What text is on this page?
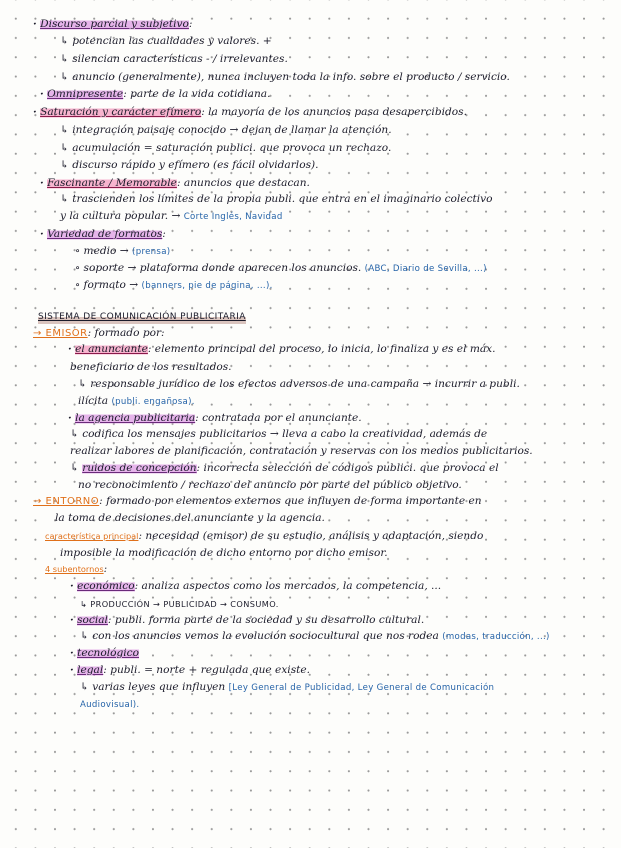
· Discurso parcial y subjetivo:
↳ potencian las cualidades y valores. +
↳ silencian características - / irrelevantes.
↳ anuncio (generalmente), nunca incluyen toda la info. sobre el producto / servicio.
· Omnipresente: parte de la vida cotidiana.
· Saturación y carácter efímero: la mayoría de los anuncios pasa desapercibidos.
↳ integración paisaje conocido → dejan de llamar la atención.
↳ acumulación = saturación publici. que provoca un rechazo.
↳ discurso rápido y efímero (es fácil olvidarlos).
· Fascinante / Memorable: anuncios que destacan.
↳ trascienden los límites de la propia publi. que entra en el imaginario colectivo
y la cultura popular. → Corte Inglés, Navidad
· Variedad de formatos:
∘ medio → (prensa)
∘ soporte → plataforma donde aparecen los anuncios. (ABC, Diario de Sevilla, ...)
∘ formato → (banners, pie de página, ...).
SISTEMA DE COMUNICACIÓN PUBLICITARIA
→ EMISOR: formado por:
· el anunciante: elemento principal del proceso, lo inicia, lo finaliza y es el máx.
beneficiario de los resultados.
↳ responsable jurídico de los efectos adversos de una campaña → incurrir a publi.
ilícita (publi. engañosa).
· la agencia publicitaria: contratada por el anunciante.
↳ codifica los mensajes publicitarios → lleva a cabo la creatividad, además de
realizar labores de planificación, contratación y reservas con los medios publicitarios.
↳ ruidos de concepción: incorrecta selección de códigos publici. que provoca el
no reconocimiento / rechazo del anuncio por parte del público objetivo.
→ ENTORNO: formado por elementos externos que influyen de forma importante en
la toma de decisiones del anunciante y la agencia.
característica principal: necesidad (emisor) de su estudio, análisis y adaptación, siendo
imposible la modificación de dicho entorno por dicho emisor.
4 subentornos:
· económico: analiza aspectos como los mercados, la competencia, ...
↳ PRODUCCIÓN → PUBLICIDAD → CONSUMO.
· social: publi. forma parte de la sociedad y su desarrollo cultural.
↳ con los anuncios vemos la evolución sociocultural que nos rodea (modas, traducción, ...)
· tecnológico
· legal: publi. = norte + regulada que existe.
↳ varias leyes que influyen [Ley General de Publicidad, Ley General de Comunicación
Audiovisual).
